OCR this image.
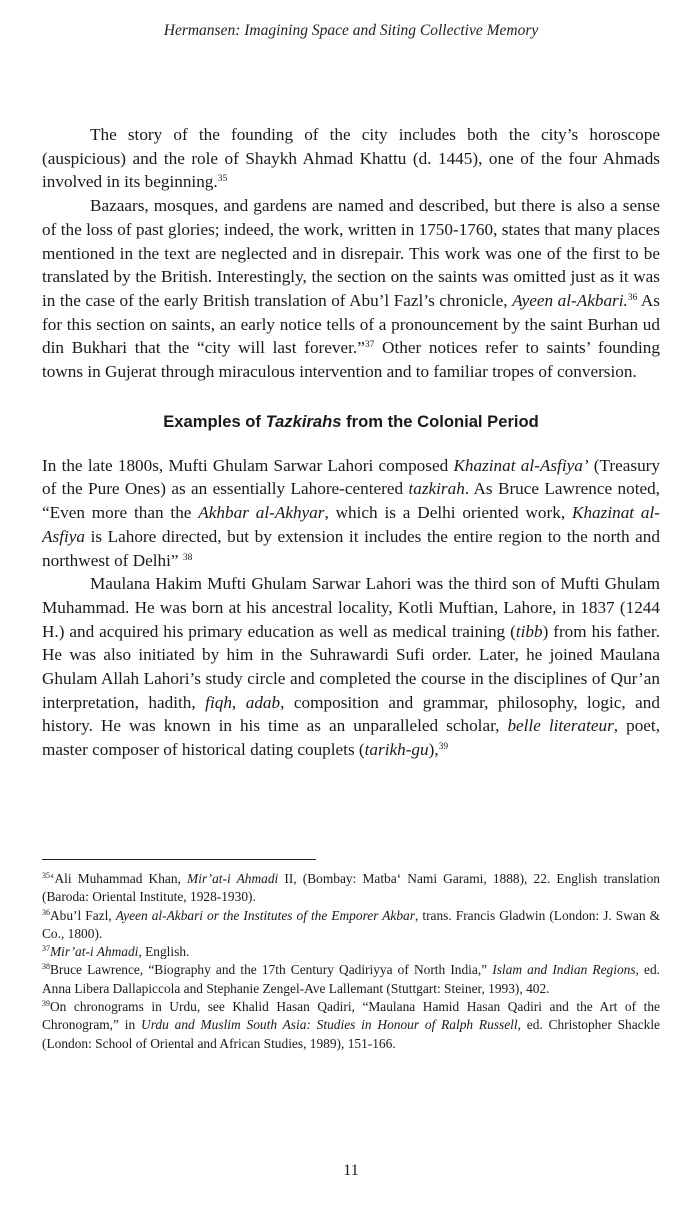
Hermansen: Imagining Space and Siting Collective Memory

The story of the founding of the city includes both the city’s horoscope (auspicious) and the role of Shaykh Ahmad Khattu (d. 1445), one of the four Ahmads involved in its beginning.$^{35}$

Bazaars, mosques, and gardens are named and described, but there is also a sense of the loss of past glories; indeed, the work, written in 1750-1760, states that many places mentioned in the text are neglected and in disrepair. This work was one of the first to be translated by the British. Interestingly, the section on the saints was omitted just as it was in the case of the early British translation of Abu’l Fazl’s chronicle, Ayeen al-Akbari.$^{36}$ As for this section on saints, an early notice tells of a pronouncement by the saint Burhan ud din Bukhari that the “city will last forever.”$^{37}$ Other notices refer to saints’ founding towns in Gujerat through miraculous intervention and to familiar tropes of conversion.

Examples of Tazkirahs from the Colonial Period

In the late 1800s, Mufti Ghulam Sarwar Lahori composed Khazinat al-Asfiya’ (Treasury of the Pure Ones) as an essentially Lahore-centered tazkirah. As Bruce Lawrence noted, “Even more than the Akhbar al-Akhyar, which is a Delhi oriented work, Khazinat al-Asfiya is Lahore directed, but by extension it includes the entire region to the north and northwest of Delhi” $^{38}$

Maulana Hakim Mufti Ghulam Sarwar Lahori was the third son of Mufti Ghulam Muhammad. He was born at his ancestral locality, Kotli Muftian, Lahore, in 1837 (1244 H.) and acquired his primary education as well as medical training (tibb) from his father. He was also initiated by him in the Suhrawardi Sufi order. Later, he joined Maulana Ghulam Allah Lahori’s study circle and completed the course in the disciplines of Qur’an interpretation, hadith, fiqh, adab, composition and grammar, philosophy, logic, and history. He was known in his time as an unparalleled scholar, belle literateur, poet, master composer of historical dating couplets (tarikh-gu),$^{39}$

$^{35}$‘Ali Muhammad Khan, Mir’at-i Ahmadi II, (Bombay: Matba‘ Nami Garami, 1888), 22. English translation (Baroda: Oriental Institute, 1928-1930).

$^{36}$Abu’l Fazl, Ayeen al-Akbari or the Institutes of the Emporer Akbar, trans. Francis Gladwin (London: J. Swan & Co., 1800).

$^{37}$Mir’at-i Ahmadi, English.

$^{38}$Bruce Lawrence, “Biography and the 17th Century Qadiriyya of North India,” Islam and Indian Regions, ed. Anna Libera Dallapiccola and Stephanie Zengel-Ave Lallemant (Stuttgart: Steiner, 1993), 402.

$^{39}$On chronograms in Urdu, see Khalid Hasan Qadiri, “Maulana Hamid Hasan Qadiri and the Art of the Chronogram,” in Urdu and Muslim South Asia: Studies in Honour of Ralph Russell, ed. Christopher Shackle (London: School of Oriental and African Studies, 1989), 151-166.

11
